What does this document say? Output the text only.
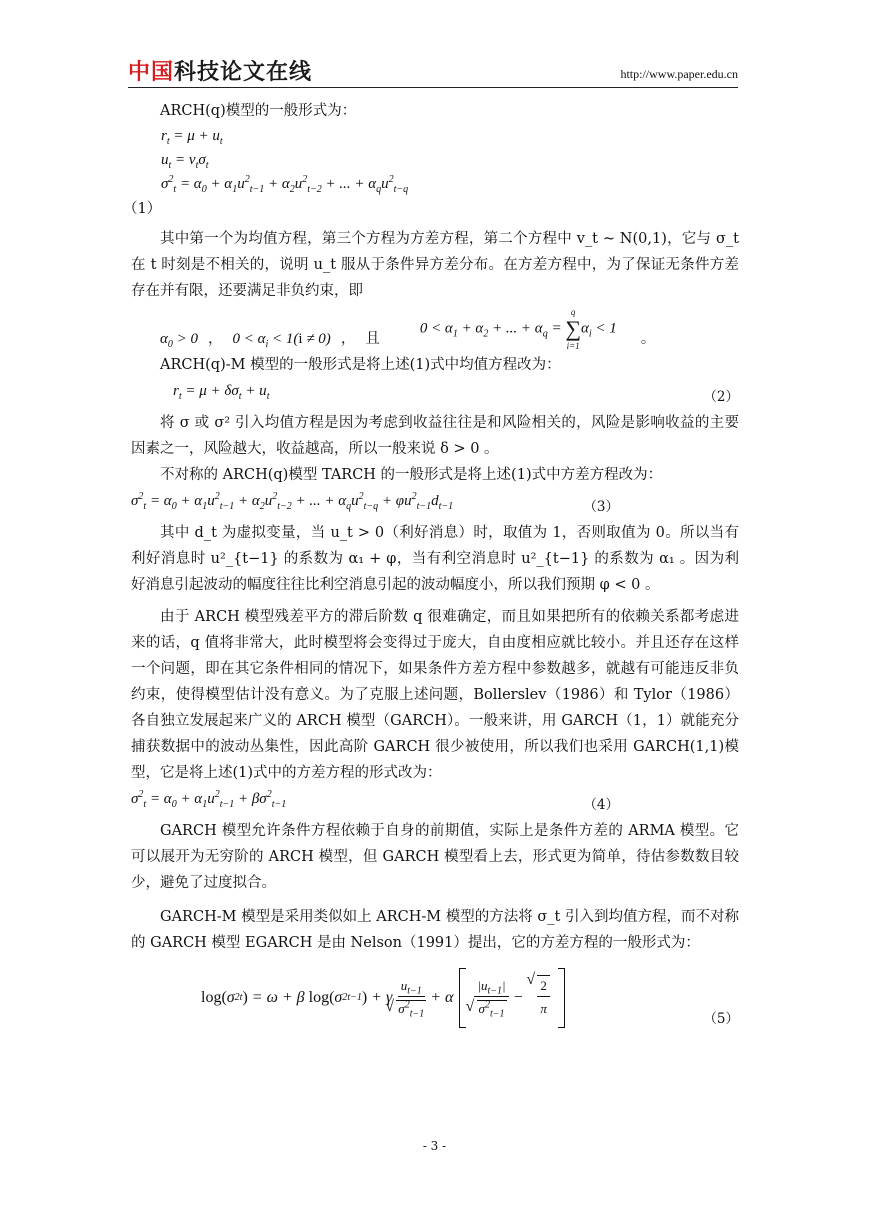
中国科技论文在线	http://www.paper.edu.cn

ARCH(q)模型的一般形式为：

$r_t = \mu + u_t$
$u_t = v_t\sigma_t$
$\sigma^2_t = \alpha_0 + \alpha_1u^2_{t-1} + \alpha_2u^2_{t-2}$ + ... + $\alpha_qu^2_{t-q}$
（1）

其中第一个为均值方程，第三个方程为方差方程，第二个方程中 v_t ~ N(0,1)，它与 σ_t 在 t 时刻是不相关的，说明 u_t 服从于条件异方差分布。在方差方程中，为了保证无条件方差存在并有限，还要满足非负约束，即

$\alpha_0 > 0$ ， $0 < \alpha_i < 1(i \ne 0)$ ， 且
$0 < \alpha_1 + \alpha_2$ + ... + $\alpha_q$ =
q
∑
i=1
$\alpha_i < 1$
。

ARCH(q)-M 模型的一般形式是将上述(1)式中均值方程改为：

$r_t = \mu + \delta\sigma_t + u_t$	（2）

将 σ 或 σ² 引入均值方程是因为考虑到收益往往是和风险相关的，风险是影响收益的主要因素之一，风险越大，收益越高，所以一般来说 δ > 0 。

不对称的 ARCH(q)模型 TARCH 的一般形式是将上述(1)式中方差方程改为：

$\sigma^2_t = \alpha_0 + \alpha_1u^2_{t-1} + \alpha_2u^2_{t-2}$ + ... + $\alpha_qu^2_{t-q} + \varphi u^2_{t-1}d_{t-1}$	（3）

其中 d_t 为虚拟变量，当 u_t > 0（利好消息）时，取值为 1，否则取值为 0。所以当有利好消息时 u²_{t−1} 的系数为 α₁ + φ，当有利空消息时 u²_{t−1} 的系数为 α₁ 。因为利好消息引起波动的幅度往往比利空消息引起的波动幅度小，所以我们预期 φ < 0 。

由于 ARCH 模型残差平方的滞后阶数 q 很难确定，而且如果把所有的依赖关系都考虑进来的话，q 值将非常大，此时模型将会变得过于庞大，自由度相应就比较小。并且还存在这样一个问题，即在其它条件相同的情况下，如果条件方差方程中参数越多，就越有可能违反非负约束，使得模型估计没有意义。为了克服上述问题，Bollerslev（1986）和 Tylor（1986）各自独立发展起来广义的 ARCH 模型（GARCH）。一般来讲，用 GARCH（1，1）就能充分捕获数据中的波动丛集性，因此高阶 GARCH 很少被使用，所以我们也采用 GARCH(1,1)模型，它是将上述(1)式中的方差方程的形式改为：

$\sigma^2_t = \alpha_0 + \alpha_1u^2_{t-1} + \beta\sigma^2_{t-1}$	（4）

GARCH 模型允许条件方程依赖于自身的前期值，实际上是条件方差的 ARMA 模型。它可以展开为无穷阶的 ARCH 模型，但 GARCH 模型看上去，形式更为简单，待估参数数目较少，避免了过度拟合。

GARCH-M 模型是采用类似如上 ARCH-M 模型的方法将 σ_t 引入到均值方程，而不对称的 GARCH 模型 EGARCH 是由 Nelson（1991）提出，它的方差方程的一般形式为：

log( σ 2 t ) = ω + β log( σ 2 t−1 ) + γ $u_{t-1}$
√ $\sigma^2_{t-1} + \alpha$ $|u_{t-1}|$
√ $\sigma^2_{t-1}$ −
√ $\frac{2}{\pi}$	（5）
- 3 -
